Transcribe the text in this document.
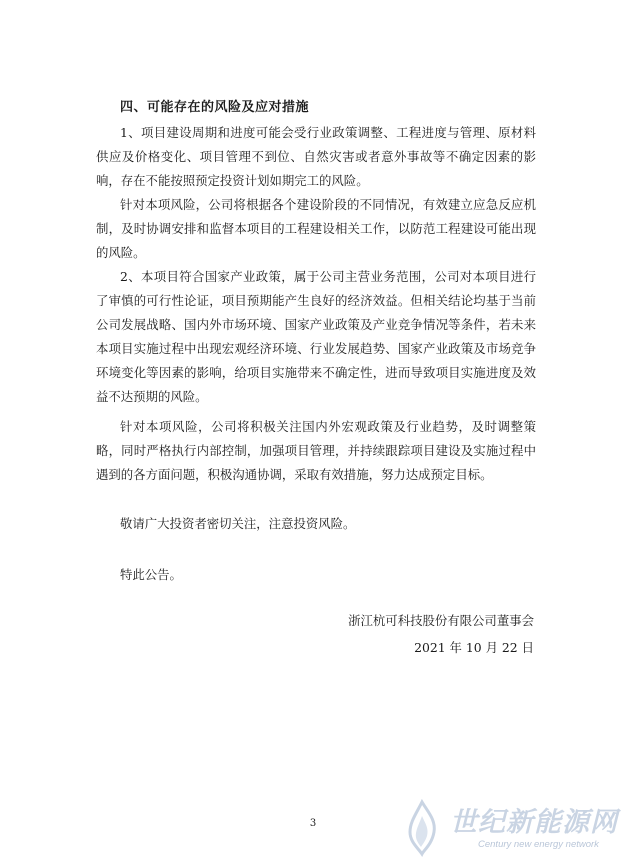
四、可能存在的风险及应对措施

1、项目建设周期和进度可能会受行业政策调整、工程进度与管理、原材料供应及价格变化、项目管理不到位、自然灾害或者意外事故等不确定因素的影响，存在不能按照预定投资计划如期完工的风险。

针对本项风险，公司将根据各个建设阶段的不同情况，有效建立应急反应机制，及时协调安排和监督本项目的工程建设相关工作，以防范工程建设可能出现的风险。

2、本项目符合国家产业政策，属于公司主营业务范围，公司对本项目进行了审慎的可行性论证，项目预期能产生良好的经济效益。但相关结论均基于当前公司发展战略、国内外市场环境、国家产业政策及产业竞争情况等条件，若未来本项目实施过程中出现宏观经济环境、行业发展趋势、国家产业政策及市场竞争环境变化等因素的影响，给项目实施带来不确定性，进而导致项目实施进度及效益不达预期的风险。

针对本项风险，公司将积极关注国内外宏观政策及行业趋势，及时调整策略，同时严格执行内部控制，加强项目管理，并持续跟踪项目建设及实施过程中遇到的各方面问题，积极沟通协调，采取有效措施，努力达成预定目标。

敬请广大投资者密切关注，注意投资风险。

特此公告。

浙江杭可科技股份有限公司董事会
2021 年 10 月 22 日
3	世纪新能源网
Century new energy network
